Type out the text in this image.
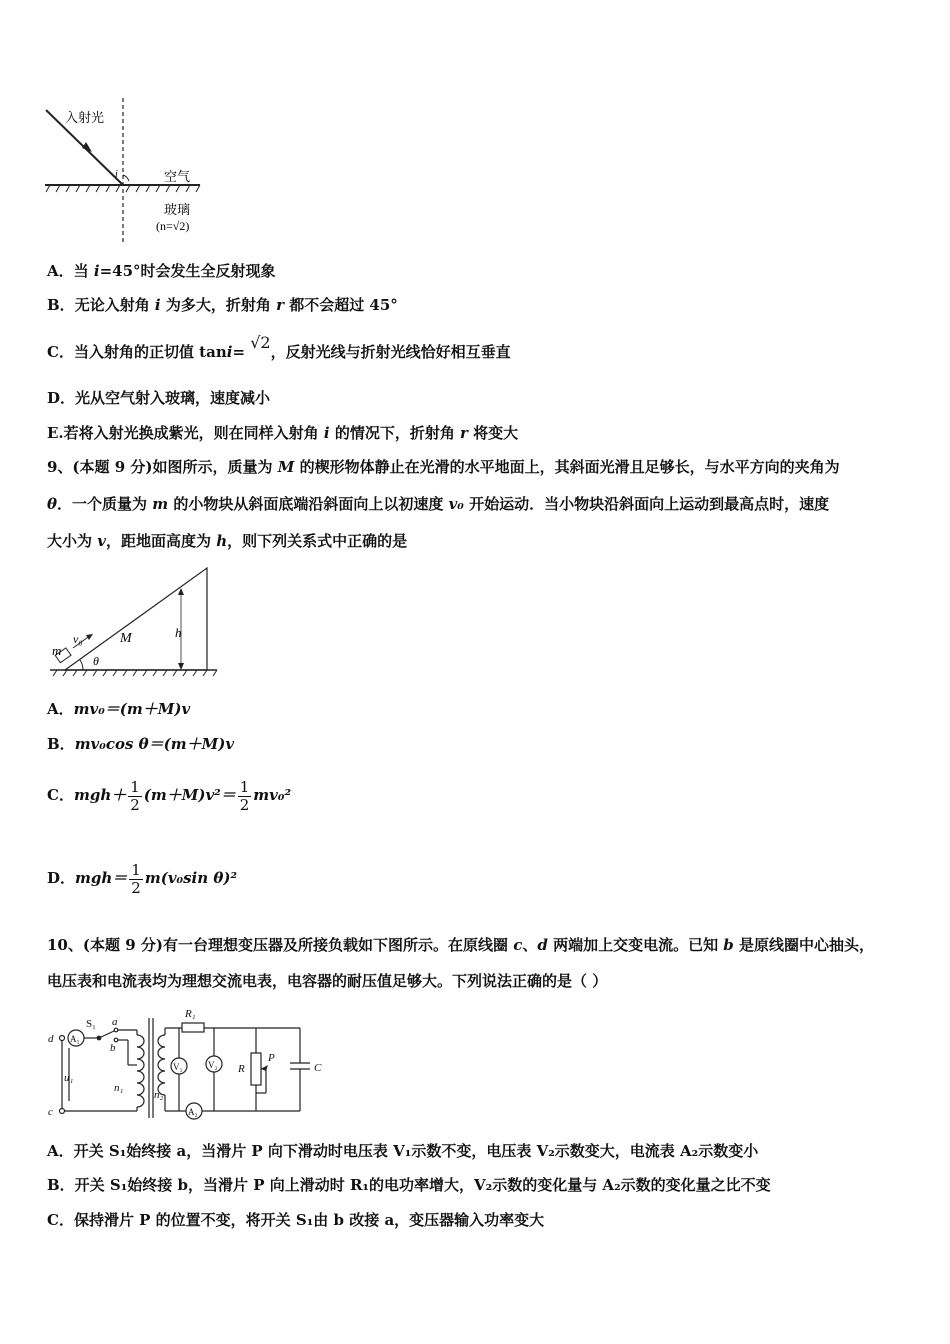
i
入射光
空气
玻璃
(n=√2)
A．当 i=45°时会发生全反射现象
B．无论入射角 i 为多大，折射角 r 都不会超过 45°
C．当入射角的正切值 tani= √2，反射光线与折射光线恰好相互垂直
D．光从空气射入玻璃，速度减小
E.若将入射光换成紫光，则在同样入射角 i 的情况下，折射角 r 将变大
9、(本题 9 分)如图所示，质量为 M 的楔形物体静止在光滑的水平地面上，其斜面光滑且足够长，与水平方向的夹角为
θ．一个质量为 m 的小物块从斜面底端沿斜面向上以初速度 v₀ 开始运动．当小物块沿斜面向上运动到最高点时，速度
大小为 v，距地面高度为 h，则下列关系式中正确的是
m
v₀	M	h
θ
A．mv₀＝(m＋M)v
B．mv₀cos θ＝(m＋M)v
C．$mgh+ \frac{1}{2} (m+M)v^2= \frac{1}{2} mv_0^2$
D．$mgh= \frac{1}{2} m(v_0\sin$ θ)²
10、(本题 9 分)有一台理想变压器及所接负载如下图所示。在原线圈 c、d 两端加上交变电流。已知 b 是原线圈中心抽头，
电压表和电流表均为理想交流电表，电容器的耐压值足够大。下列说法正确的是（ ）
d
c
A₁
S₁ a
b
u₁
n₁
n₂
A₂
R₁
V₁	V₂ R
P
C
A．开关 S₁始终接 a，当滑片 P 向下滑动时电压表 V₁示数不变，电压表 V₂示数变大，电流表 A₂示数变小
B．开关 S₁始终接 b，当滑片 P 向上滑动时 R₁的电功率增大，V₂示数的变化量与 A₂示数的变化量之比不变
C．保持滑片 P 的位置不变，将开关 S₁由 b 改接 a，变压器输入功率变大
